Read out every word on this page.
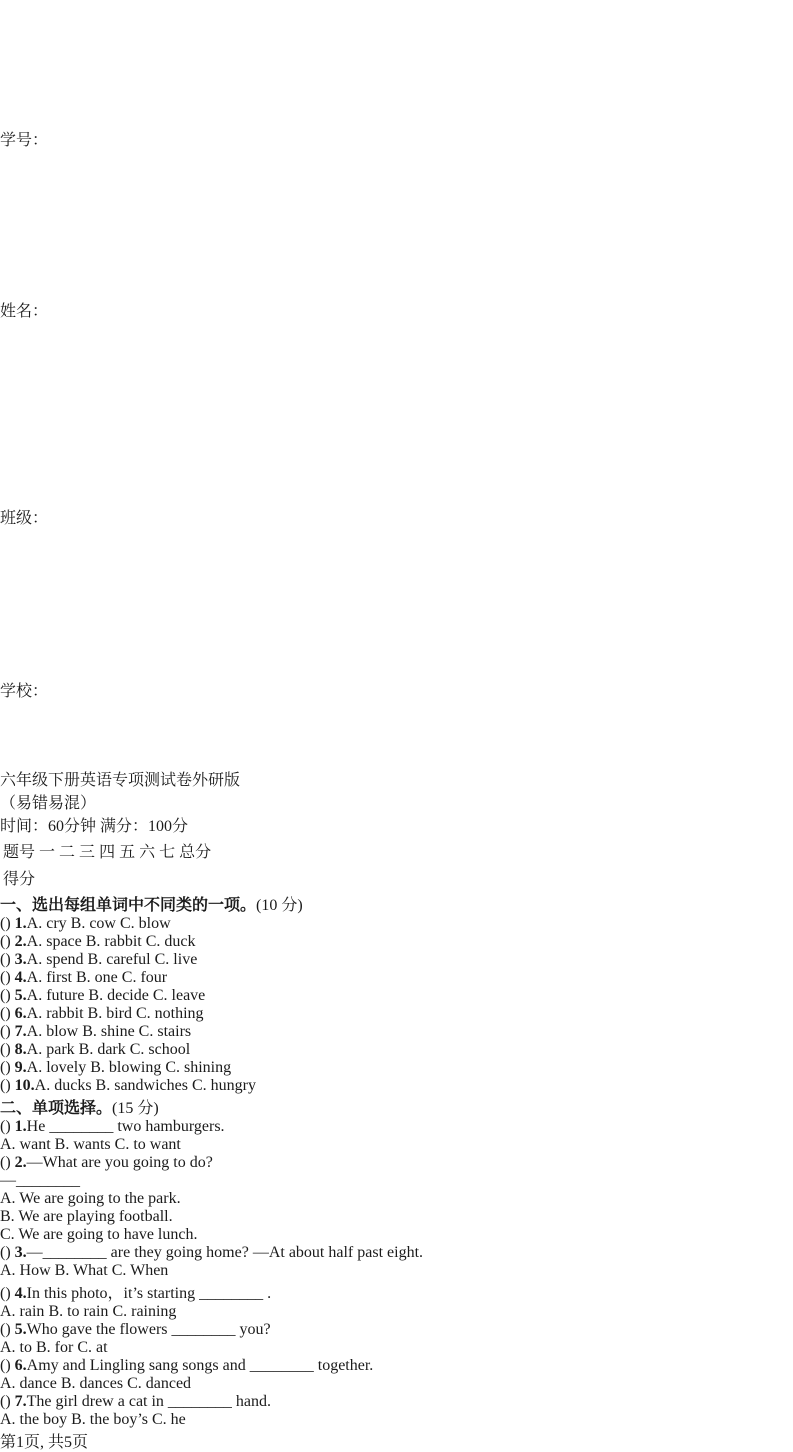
学号：
姓名：
班级：
学校：
六年级下册英语专项测试卷外研版
（易错易混）
时间：60分钟 满分：100分
题号	一	二	三	四	五	六	七	总分
得分								
一、选出每组单词中不同类的一项。(10 分)
() 1.A. cry B. cow C. blow
() 2.A. space B. rabbit C. duck
() 3.A. spend B. careful C. live
() 4.A. first B. one C. four
() 5.A. future B. decide C. leave
() 6.A. rabbit B. bird C. nothing
() 7.A. blow B. shine C. stairs
() 8.A. park B. dark C. school
() 9.A. lovely B. blowing C. shining
() 10.A. ducks B. sandwiches C. hungry
二、单项选择。(15 分)
() 1.He ________ two hamburgers.
A. want B. wants C. to want
() 2.—What are you going to do?
—________
A. We are going to the park.
B. We are playing football.
C. We are going to have lunch.
() 3.—________ are they going home? —At about half past eight.
A. How B. What C. When
() 4.In this photo，it’s starting ________ .
A. rain B. to rain C. raining
() 5.Who gave the flowers ________ you?
A. to B. for C. at
() 6.Amy and Lingling sang songs and ________ together.
A. dance B. dances C. danced
() 7.The girl drew a cat in ________ hand.
A. the boy B. the boy’s C. he
第1页, 共5页
